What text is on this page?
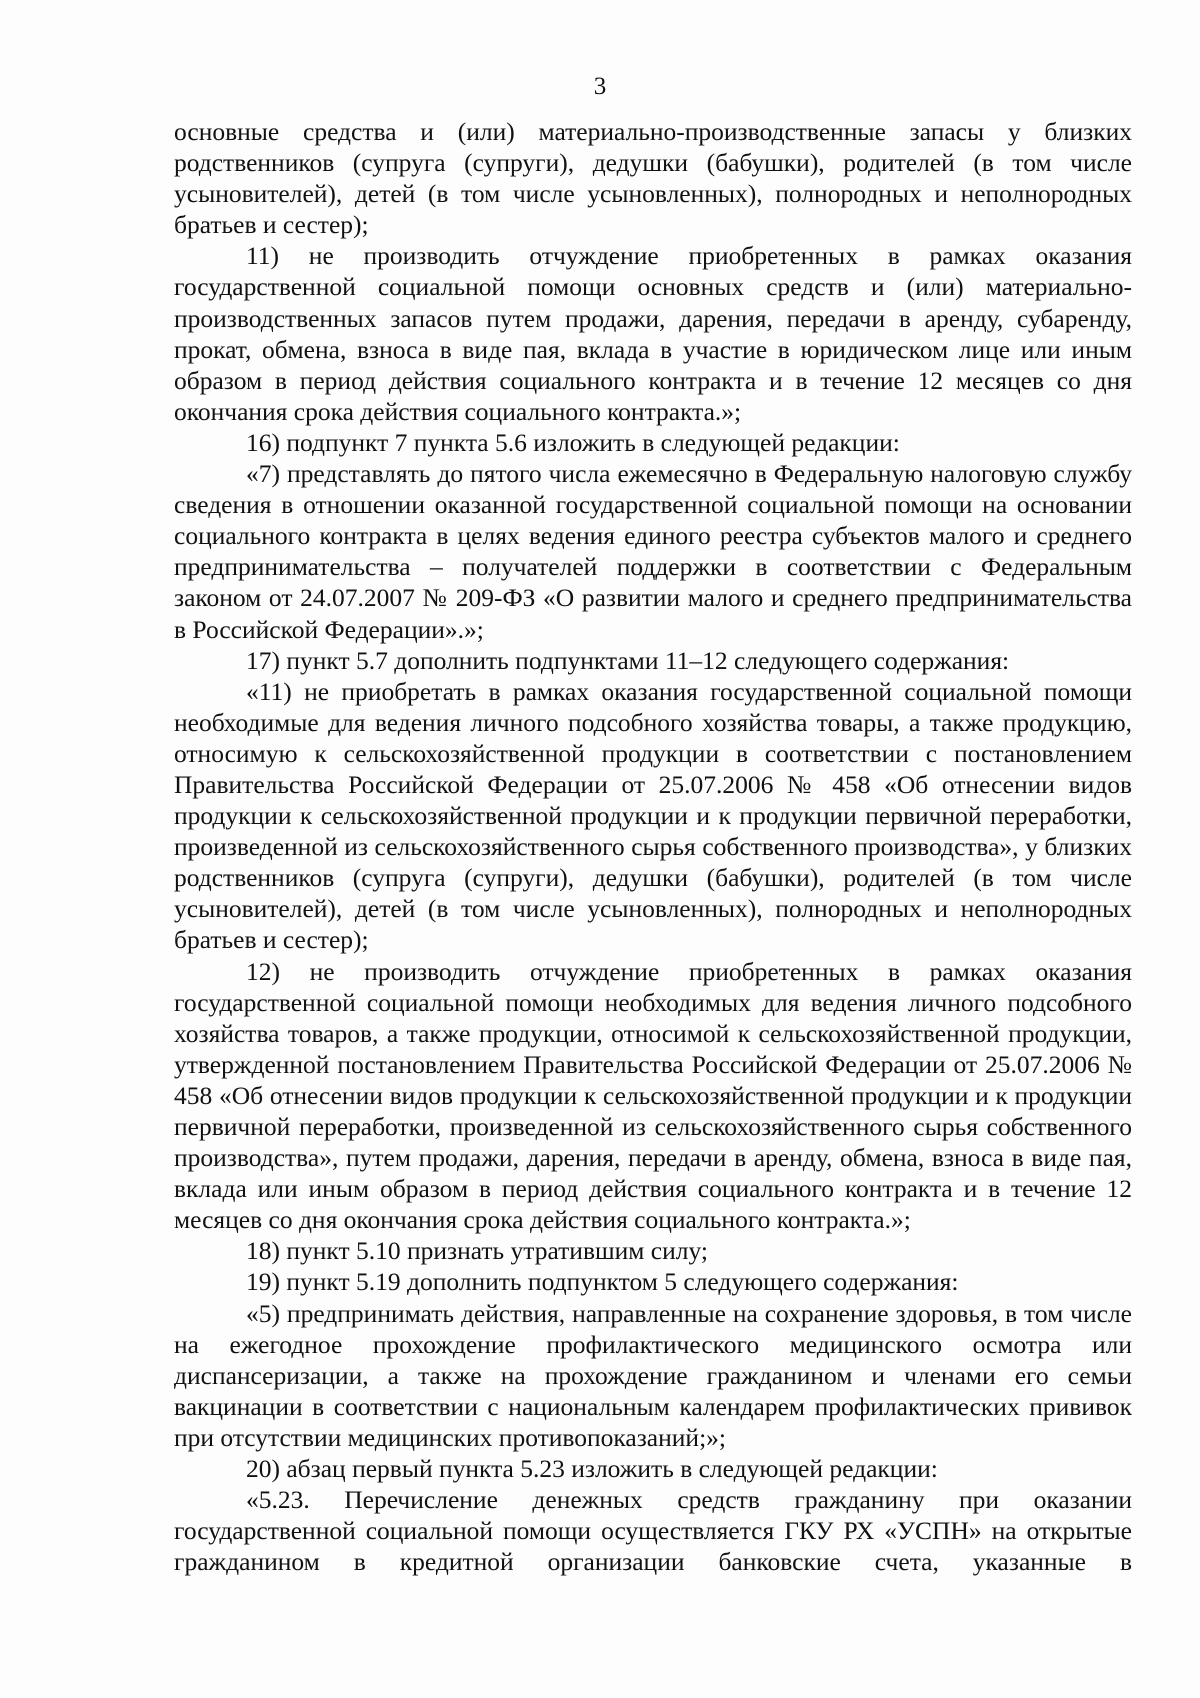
3

основные средства и (или) материально-производственные запасы у близких родственников (супруга (супруги), дедушки (бабушки), родителей (в том числе усыновителей), детей (в том числе усыновленных), полнородных и неполнородных братьев и сестер);

11) не производить отчуждение приобретенных в рамках оказания государственной социальной помощи основных средств и (или) материально-производственных запасов путем продажи, дарения, передачи в аренду, субаренду, прокат, обмена, взноса в виде пая, вклада в участие в юридическом лице или иным образом в период действия социального контракта и в течение 12 месяцев со дня окончания срока действия социального контракта.»;

16) подпункт 7 пункта 5.6 изложить в следующей редакции:

«7) представлять до пятого числа ежемесячно в Федеральную налоговую службу сведения в отношении оказанной государственной социальной помощи на основании социального контракта в целях ведения единого реестра субъектов малого и среднего предпринимательства – получателей поддержки в соответствии с Федеральным законом от 24.07.2007 № 209-ФЗ «О развитии малого и среднего предпринимательства в Российской Федерации».»;

17) пункт 5.7 дополнить подпунктами 11–12 следующего содержания:

«11) не приобретать в рамках оказания государственной социальной помощи необходимые для ведения личного подсобного хозяйства товары, а также продукцию, относимую к сельскохозяйственной продукции в соответствии с постановлением Правительства Российской Федерации от 25.07.2006 № 458 «Об отнесении видов продукции к сельскохозяйственной продукции и к продукции первичной переработки, произведенной из сельскохозяйственного сырья собственного производства», у близких родственников (супруга (супруги), дедушки (бабушки), родителей (в том числе усыновителей), детей (в том числе усыновленных), полнородных и неполнородных братьев и сестер);

12) не производить отчуждение приобретенных в рамках оказания государственной социальной помощи необходимых для ведения личного подсобного хозяйства товаров, а также продукции, относимой к сельскохозяйственной продукции, утвержденной постановлением Правительства Российской Федерации от 25.07.2006 № 458 «Об отнесении видов продукции к сельскохозяйственной продукции и к продукции первичной переработки, произведенной из сельскохозяйственного сырья собственного производства», путем продажи, дарения, передачи в аренду, обмена, взноса в виде пая, вклада или иным образом в период действия социального контракта и в течение 12 месяцев со дня окончания срока действия социального контракта.»;

18) пункт 5.10 признать утратившим силу;

19) пункт 5.19 дополнить подпунктом 5 следующего содержания:

«5) предпринимать действия, направленные на сохранение здоровья, в том числе на ежегодное прохождение профилактического медицинского осмотра или диспансеризации, а также на прохождение гражданином и членами его семьи вакцинации в соответствии с национальным календарем профилактических прививок при отсутствии медицинских противопоказаний;»;

20) абзац первый пункта 5.23 изложить в следующей редакции:

«5.23. Перечисление денежных средств гражданину при оказании государственной социальной помощи осуществляется ГКУ РХ «УСПН» на открытые гражданином в кредитной организации банковские счета, указанные в
